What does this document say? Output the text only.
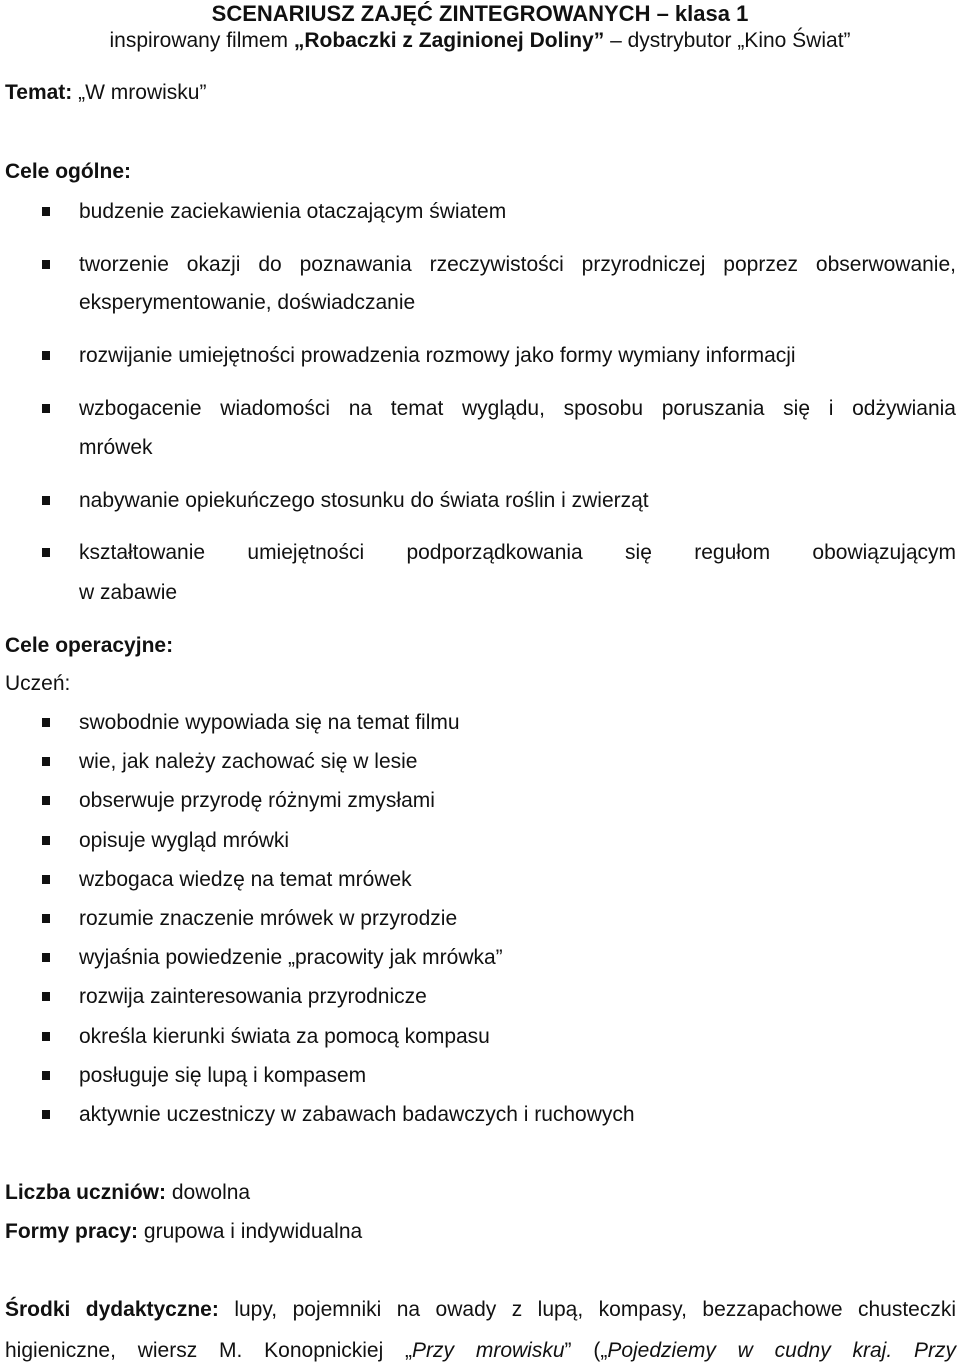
SCENARIUSZ ZAJĘĆ ZINTEGROWANYCH – klasa 1
inspirowany filmem „Robaczki z Zaginionej Doliny” – dystrybutor „Kino Świat”
Temat: „W mrowisku”
Cele ogólne:
budzenie zaciekawienia otaczającym światem
tworzenie okazji do poznawania rzeczywistości przyrodniczej poprzez obserwowanie,
eksperymentowanie, doświadczanie
rozwijanie umiejętności prowadzenia rozmowy jako formy wymiany informacji
wzbogacenie wiadomości na temat wyglądu, sposobu poruszania się i odżywiania
mrówek
nabywanie opiekuńczego stosunku do świata roślin i zwierząt
kształtowanie umiejętności podporządkowania się regułom obowiązującym
w zabawie
Cele operacyjne:
Uczeń:
swobodnie wypowiada się na temat filmu
wie, jak należy zachować się w lesie
obserwuje przyrodę różnymi zmysłami
opisuje wygląd mrówki
wzbogaca wiedzę na temat mrówek
rozumie znaczenie mrówek w przyrodzie
wyjaśnia powiedzenie „pracowity jak mrówka”
rozwija zainteresowania przyrodnicze
określa kierunki świata za pomocą kompasu
posługuje się lupą i kompasem
aktywnie uczestniczy w zabawach badawczych i ruchowych
Liczba uczniów: dowolna
Formy pracy: grupowa i indywidualna
Środki dydaktyczne: lupy, pojemniki na owady z lupą, kompasy, bezzapachowe chusteczki
higieniczne, wiersz M. Konopnickiej „Przy mrowisku” („Pojedziemy w cudny kraj. Przy
